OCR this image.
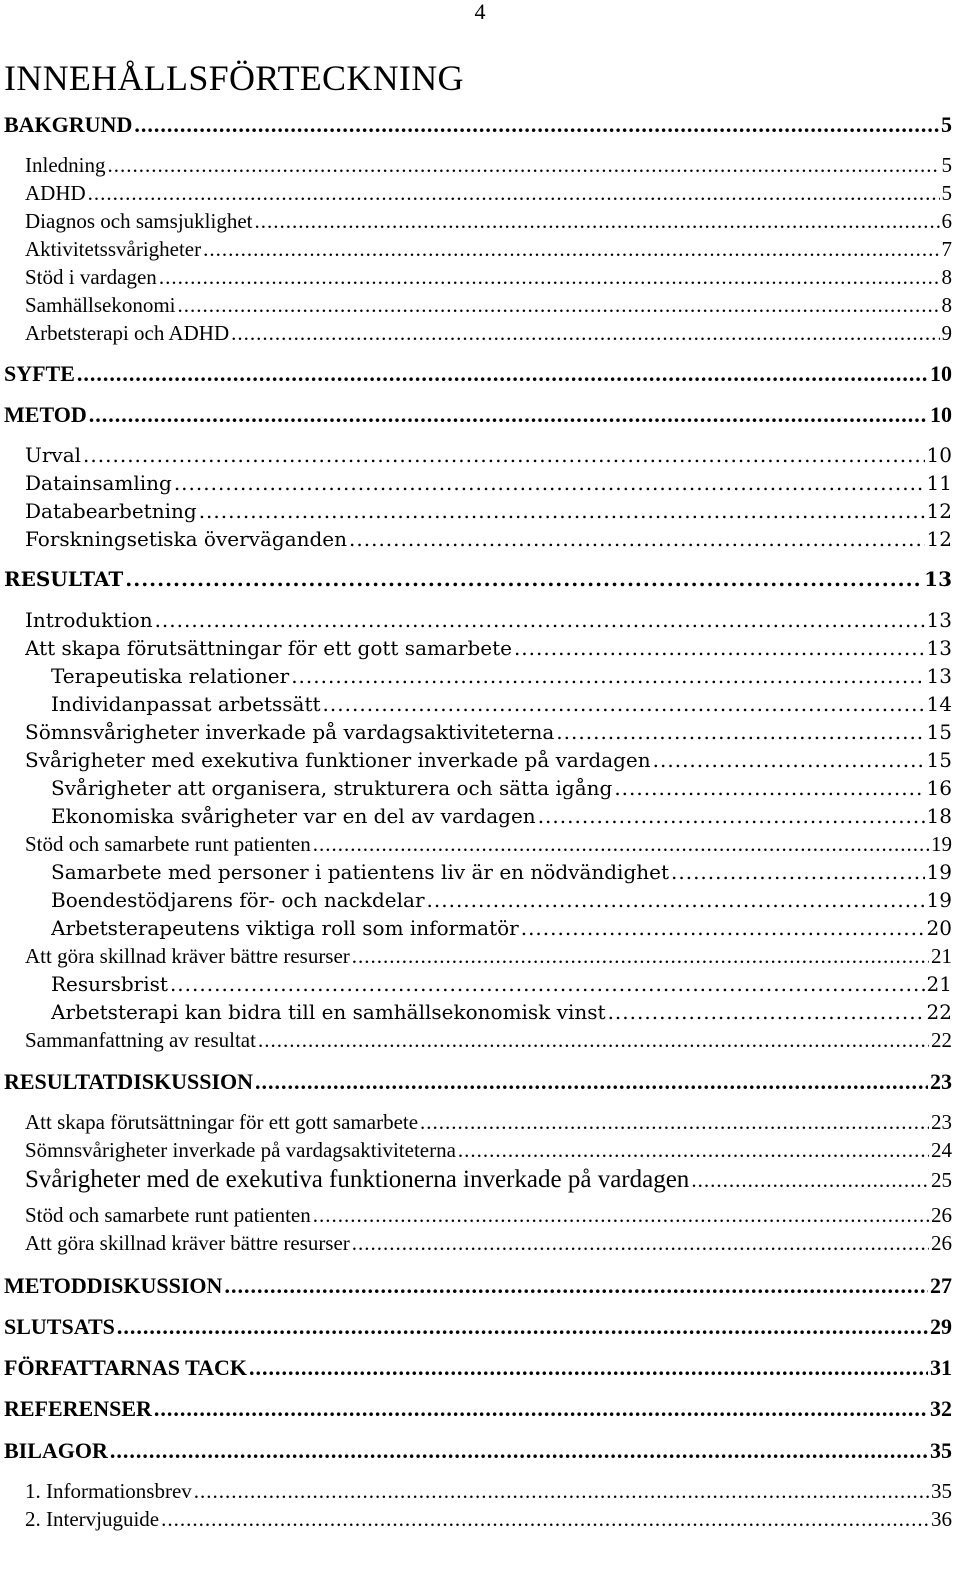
4
INNEHÅLLSFÖRTECKNING
BAKGRUND .....	5
Inledning .....	5
ADHD .....	5
Diagnos och samsjuklighet .....	6
Aktivitetssvårigheter .....	7
Stöd i vardagen .....	8
Samhällsekonomi .....	8
Arbetsterapi och ADHD .....	9
SYFTE .....	10
METOD .....	10
Urval .....	10
Datainsamling .....	11
Databearbetning .....	12
Forskningsetiska överväganden .....	12
RESULTAT .....	13
Introduktion .....	13
Att skapa förutsättningar för ett gott samarbete .....	13
Terapeutiska relationer .....	13
Individanpassat arbetssätt .....	14
Sömnsvårigheter inverkade på vardagsaktiviteterna .....	15
Svårigheter med exekutiva funktioner inverkade på vardagen .....	15
Svårigheter att organisera, strukturera och sätta igång .....	16
Ekonomiska svårigheter var en del av vardagen .....	18
Stöd och samarbete runt patienten .....	19
Samarbete med personer i patientens liv är en nödvändighet .....	19
Boendestödjarens för- och nackdelar .....	19
Arbetsterapeutens viktiga roll som informatör .....	20
Att göra skillnad kräver bättre resurser .....	21
Resursbrist .....	21
Arbetsterapi kan bidra till en samhällsekonomisk vinst .....	22
Sammanfattning av resultat .....	22
RESULTATDISKUSSION .....	23
Att skapa förutsättningar för ett gott samarbete .....	23
Sömnsvårigheter inverkade på vardagsaktiviteterna .....	24
Svårigheter med de exekutiva funktionerna inverkade på vardagen .....	25
Stöd och samarbete runt patienten .....	26
Att göra skillnad kräver bättre resurser .....	26
METODDISKUSSION .....	27
SLUTSATS .....	29
FÖRFATTARNAS TACK .....	31
REFERENSER .....	32
BILAGOR .....	35
1. Informationsbrev .....	35
2. Intervjuguide .....	36
